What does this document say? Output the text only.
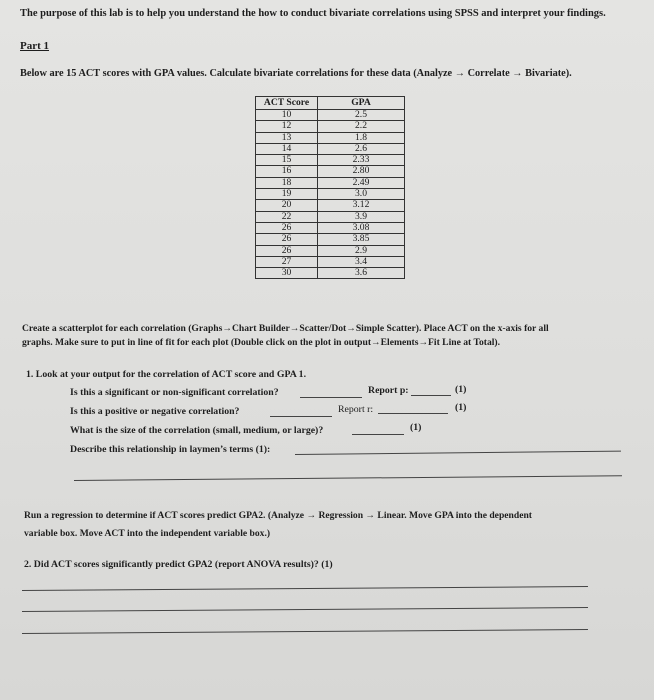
The purpose of this lab is to help you understand the how to conduct bivariate correlations using SPSS and interpret your findings.
Part 1
Below are 15 ACT scores with GPA values. Calculate bivariate correlations for these data (Analyze → Correlate → Bivariate).
ACT Score	GPA
10	2.5
12	2.2
13	1.8
14	2.6
15	2.33
16	2.80
18	2.49
19	3.0
20	3.12
22	3.9
26	3.08
26	3.85
26	2.9
27	3.4
30	3.6
Create a scatterplot for each correlation (Graphs→Chart Builder→Scatter/Dot→Simple Scatter). Place ACT on the x-axis for all
graphs. Make sure to put in line of fit for each plot (Double click on the plot in output→Elements→Fit Line at Total).
1. Look at your output for the correlation of ACT score and GPA 1.
Is this a significant or non-significant correlation?	Report p:	(1)
Is this a positive or negative correlation?	Report r:	(1)
What is the size of the correlation (small, medium, or large)?	(1)
Describe this relationship in laymen’s terms (1):
Run a regression to determine if ACT scores predict GPA2. (Analyze → Regression → Linear. Move GPA into the dependent
variable box. Move ACT into the independent variable box.)
2. Did ACT scores significantly predict GPA2 (report ANOVA results)? (1)
